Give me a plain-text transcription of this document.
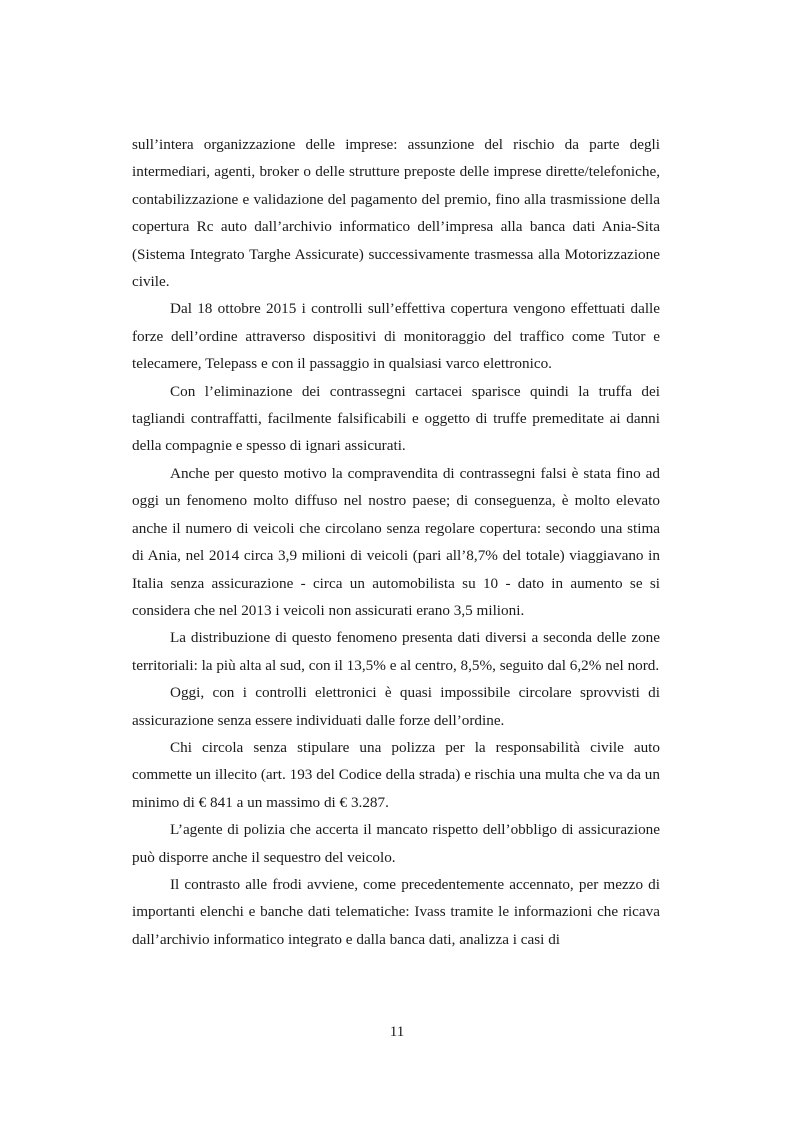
sull’intera organizzazione delle imprese: assunzione del rischio da parte degli intermediari, agenti, broker o delle strutture preposte delle imprese dirette/telefoniche, contabilizzazione e validazione del pagamento del premio, fino alla trasmissione della copertura Rc auto dall’archivio informatico dell’impresa alla banca dati Ania-Sita (Sistema Integrato Targhe Assicurate) successivamente trasmessa alla Motorizzazione civile.

Dal 18 ottobre 2015 i controlli sull’effettiva copertura vengono effettuati dalle forze dell’ordine attraverso dispositivi di monitoraggio del traffico come Tutor e telecamere, Telepass e con il passaggio in qualsiasi varco elettronico.

Con l’eliminazione dei contrassegni cartacei sparisce quindi la truffa dei tagliandi contraffatti, facilmente falsificabili e oggetto di truffe premeditate ai danni della compagnie e spesso di ignari assicurati.

Anche per questo motivo la compravendita di contrassegni falsi è stata fino ad oggi un fenomeno molto diffuso nel nostro paese; di conseguenza, è molto elevato anche il numero di veicoli che circolano senza regolare copertura: secondo una stima di Ania, nel 2014 circa 3,9 milioni di veicoli (pari all’8,7% del totale) viaggiavano in Italia senza assicurazione - circa un automobilista su 10 - dato in aumento se si considera che nel 2013 i veicoli non assicurati erano 3,5 milioni.

La distribuzione di questo fenomeno presenta dati diversi a seconda delle zone territoriali: la più alta al sud, con il 13,5% e al centro, 8,5%, seguito dal 6,2% nel nord.

Oggi, con i controlli elettronici è quasi impossibile circolare sprovvisti di assicurazione senza essere individuati dalle forze dell’ordine.

Chi circola senza stipulare una polizza per la responsabilità civile auto commette un illecito (art. 193 del Codice della strada) e rischia una multa che va da un minimo di € 841 a un massimo di € 3.287.

L’agente di polizia che accerta il mancato rispetto dell’obbligo di assicurazione può disporre anche il sequestro del veicolo.

Il contrasto alle frodi avviene, come precedentemente accennato, per mezzo di importanti elenchi e banche dati telematiche: Ivass tramite le informazioni che ricava dall’archivio informatico integrato e dalla banca dati, analizza i casi di

11
